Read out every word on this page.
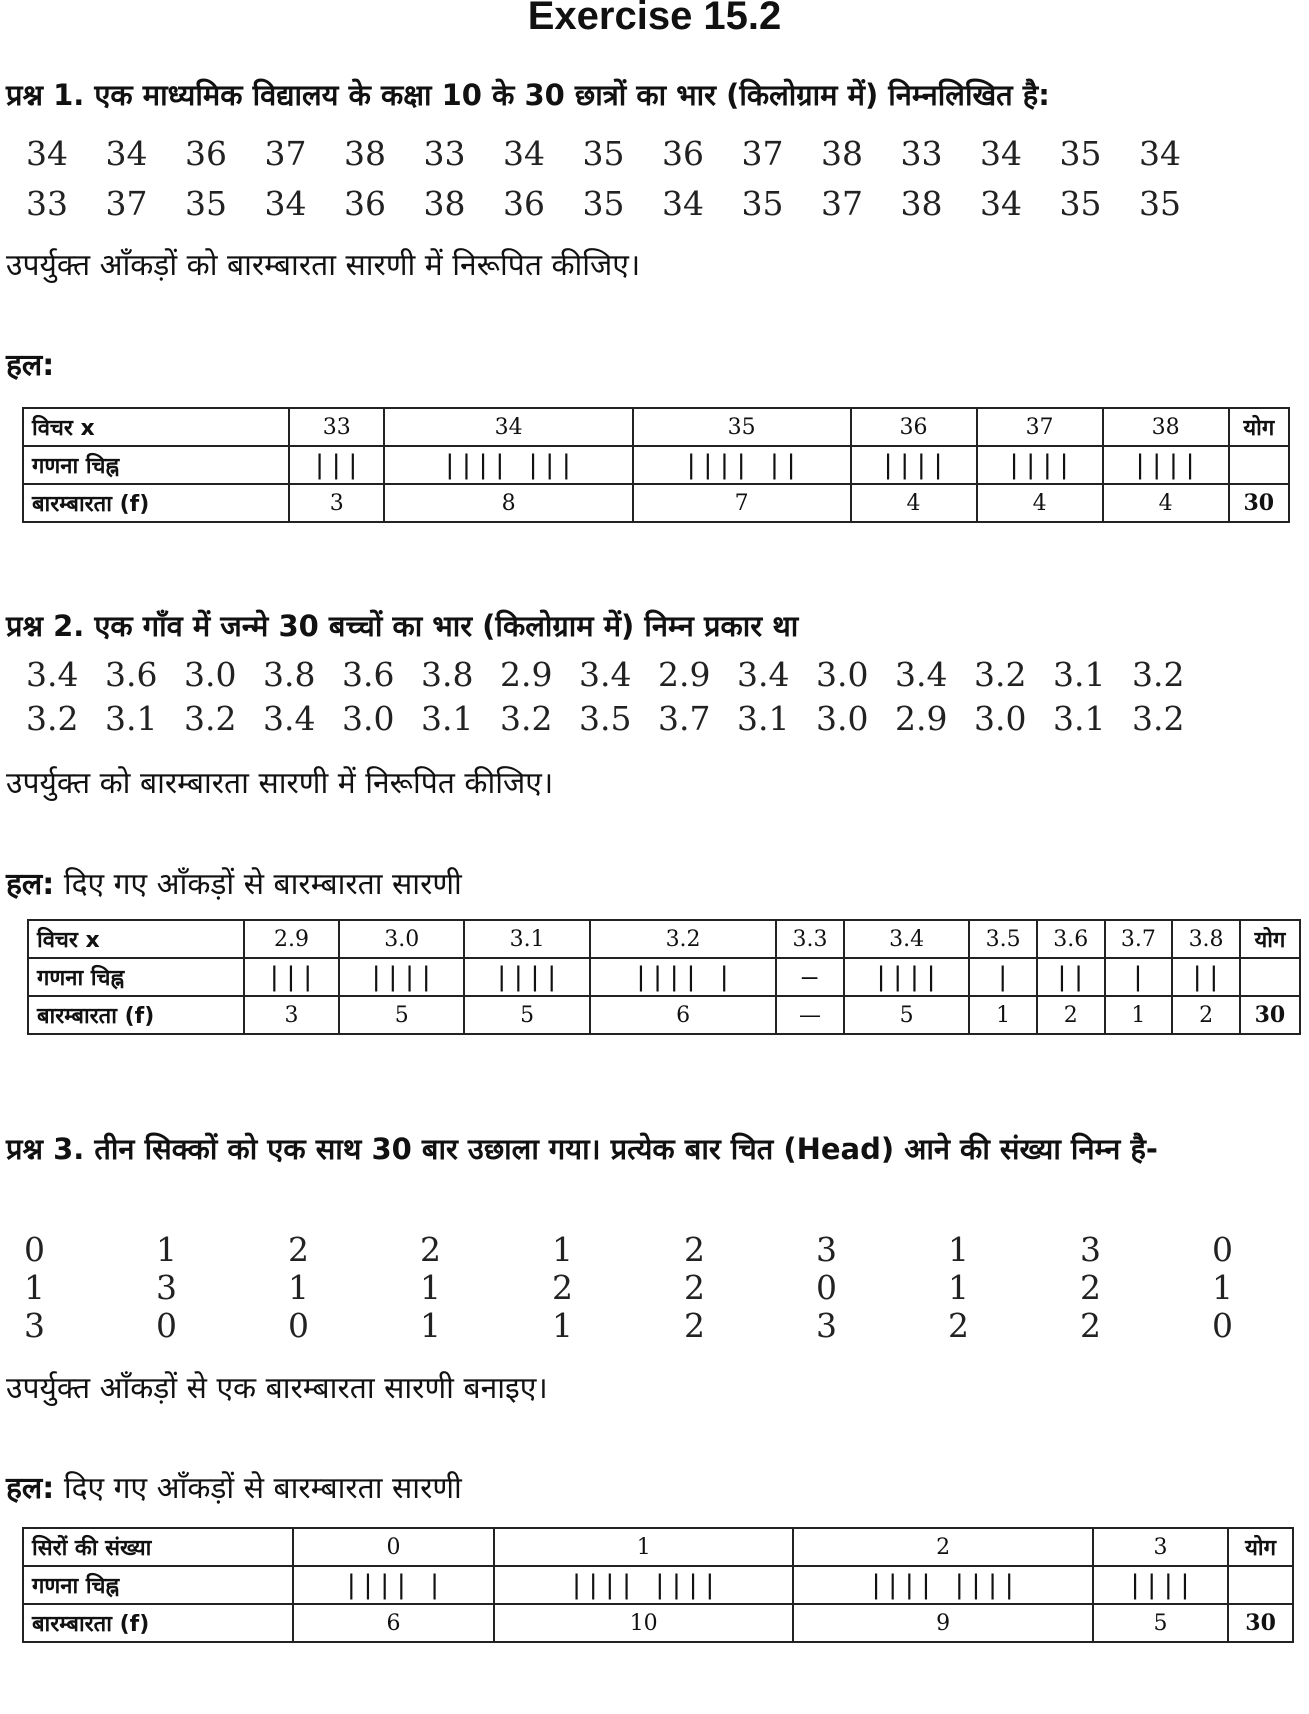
Exercise 15.2
प्रश्न 1. एक माध्यमिक विद्यालय के कक्षा 10 के 30 छात्रों का भार (किलोग्राम में) निम्नलिखित है:
34	34	36	37	38	33	34	35	36	37	38	33	34	35	34
33	37	35	34	36	38	36	35	34	35	37	38	34	35	35
उपर्युक्त आँकड़ों को बारम्बारता सारणी में निरूपित कीजिए।
हल:
विचर x	33	34	35	36	37	38	योग
गणना चिह्न	|||	|||| |||	|||| ||	||||	||||	||||	
बारम्बारता (f)	3	8	7	4	4	4	30
प्रश्न 2. एक गाँव में जन्मे 30 बच्चों का भार (किलोग्राम में) निम्न प्रकार था
3.4 3.6 3.0 3.8 3.6 3.8 2.9 3.4 2.9 3.4 3.0 3.4 3.2 3.1 3.2
3.2 3.1 3.2 3.4 3.0 3.1 3.2 3.5 3.7 3.1 3.0 2.9 3.0 3.1 3.2
उपर्युक्त को बारम्बारता सारणी में निरूपित कीजिए।
हल: दिए गए आँकड़ों से बारम्बारता सारणी
विचर x	2.9	3.0	3.1	3.2	3.3	3.4	3.5	3.6	3.7	3.8	योग
गणना चिह्न	|||	||||	||||	|||| |	—	||||	|	||	|	||	
बारम्बारता (f)	3	5	5	6	—	5	1	2	1	2	30
प्रश्न 3. तीन सिक्कों को एक साथ 30 बार उछाला गया। प्रत्येक बार चित (Head) आने की संख्या निम्न है-
0	1	2	2	1	2	3	1	3	0
1	3	1	1	2	2	0	1	2	1
3	0	0	1	1	2	3	2	2	0
उपर्युक्त आँकड़ों से एक बारम्बारता सारणी बनाइए।
हल: दिए गए आँकड़ों से बारम्बारता सारणी
सिरों की संख्या	0	1	2	3	योग
गणना चिह्न	|||| |	|||| ||||	|||| ||||	||||	
बारम्बारता (f)	6	10	9	5	30
